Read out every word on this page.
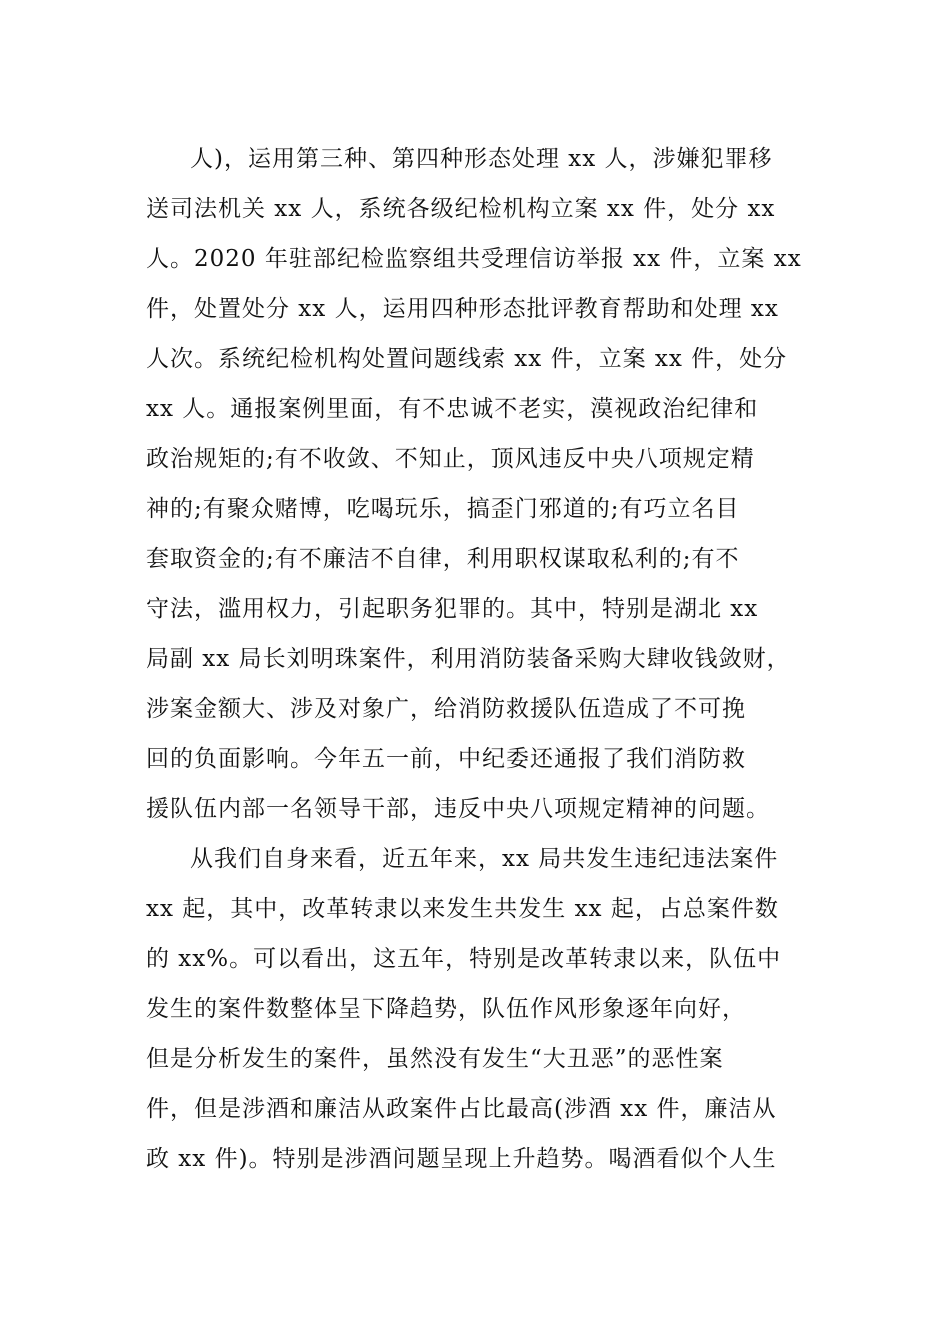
人)，运用第三种、第四种形态处理 xx 人，涉嫌犯罪移
送司法机关 xx 人，系统各级纪检机构立案 xx 件，处分 xx
人。2020 年驻部纪检监察组共受理信访举报 xx 件，立案 xx
件，处置处分 xx 人，运用四种形态批评教育帮助和处理 xx
人次。系统纪检机构处置问题线索 xx 件，立案 xx 件，处分
xx 人。通报案例里面，有不忠诚不老实，漠视政治纪律和
政治规矩的;有不收敛、不知止，顶风违反中央八项规定精
神的;有聚众赌博，吃喝玩乐，搞歪门邪道的;有巧立名目
套取资金的;有不廉洁不自律，利用职权谋取私利的;有不
守法，滥用权力，引起职务犯罪的。其中，特别是湖北 xx
局副 xx 局长刘明珠案件，利用消防装备采购大肆收钱敛财，
涉案金额大、涉及对象广，给消防救援队伍造成了不可挽
回的负面影响。今年五一前，中纪委还通报了我们消防救
援队伍内部一名领导干部，违反中央八项规定精神的问题。
从我们自身来看，近五年来，xx 局共发生违纪违法案件
xx 起，其中，改革转隶以来发生共发生 xx 起，占总案件数
的 xx%。可以看出，这五年，特别是改革转隶以来，队伍中
发生的案件数整体呈下降趋势，队伍作风形象逐年向好，
但是分析发生的案件，虽然没有发生“大丑恶”的恶性案
件，但是涉酒和廉洁从政案件占比最高(涉酒 xx 件，廉洁从
政 xx 件)。特别是涉酒问题呈现上升趋势。喝酒看似个人生
